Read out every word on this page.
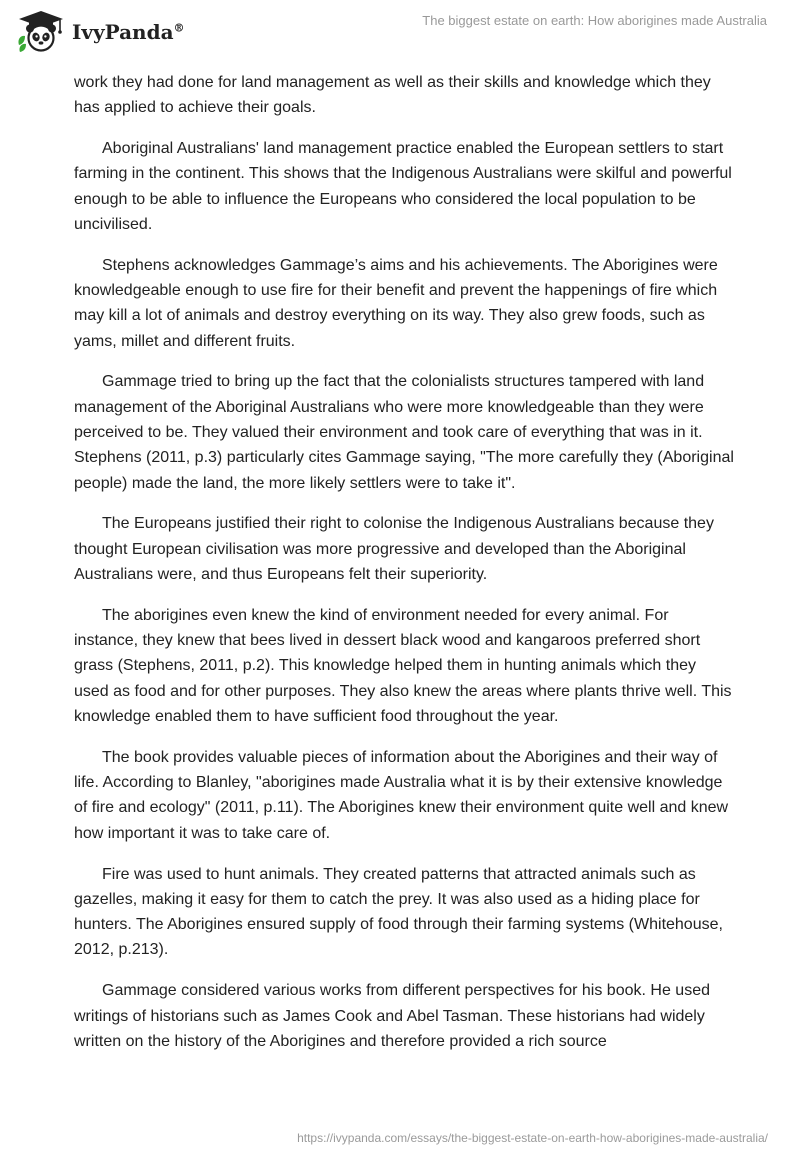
IvyPanda®	The biggest estate on earth: How aborigines made Australia

work they had done for land management as well as their skills and knowledge which they has applied to achieve their goals.

Aboriginal Australians' land management practice enabled the European settlers to start farming in the continent. This shows that the Indigenous Australians were skilful and powerful enough to be able to influence the Europeans who considered the local population to be uncivilised.

Stephens acknowledges Gammage’s aims and his achievements. The Aborigines were knowledgeable enough to use fire for their benefit and prevent the happenings of fire which may kill a lot of animals and destroy everything on its way. They also grew foods, such as yams, millet and different fruits.

Gammage tried to bring up the fact that the colonialists structures tampered with land management of the Aboriginal Australians who were more knowledgeable than they were perceived to be. They valued their environment and took care of everything that was in it. Stephens (2011, p.3) particularly cites Gammage saying, "The more carefully they (Aboriginal people) made the land, the more likely settlers were to take it".

The Europeans justified their right to colonise the Indigenous Australians because they thought European civilisation was more progressive and developed than the Aboriginal Australians were, and thus Europeans felt their superiority.

The aborigines even knew the kind of environment needed for every animal. For instance, they knew that bees lived in dessert black wood and kangaroos preferred short grass (Stephens, 2011, p.2). This knowledge helped them in hunting animals which they used as food and for other purposes. They also knew the areas where plants thrive well. This knowledge enabled them to have sufficient food throughout the year.

The book provides valuable pieces of information about the Aborigines and their way of life. According to Blanley, "aborigines made Australia what it is by their extensive knowledge of fire and ecology" (2011, p.11). The Aborigines knew their environment quite well and knew how important it was to take care of.

Fire was used to hunt animals. They created patterns that attracted animals such as gazelles, making it easy for them to catch the prey. It was also used as a hiding place for hunters. The Aborigines ensured supply of food through their farming systems (Whitehouse, 2012, p.213).

Gammage considered various works from different perspectives for his book. He used writings of historians such as James Cook and Abel Tasman. These historians had widely written on the history of the Aborigines and therefore provided a rich source

https://ivypanda.com/essays/the-biggest-estate-on-earth-how-aborigines-made-australia/
